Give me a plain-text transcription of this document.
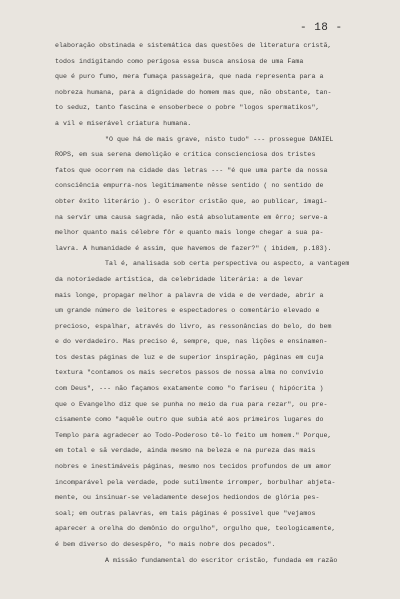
- 18 -
elaboração obstinada e sistemática das questões de literatura cristã,
todos indigitando como perigosa essa busca ansiosa de uma Fama
que é puro fumo, mera fumaça passageira, que nada representa para a
nobreza humana, para a dignidade do homem mas que, não obstante, tan-
to seduz, tanto fascina e ensoberbece o pobre "logos spermatikos",
a vil e miserável criatura humana.
"O que há de mais grave, nisto tudo" --- prossegue DANIEL
ROPS, em sua serena demolição e crítica conscienciosa dos tristes
fatos que ocorrem na cidade das letras --- "é que uma parte da nossa
consciência empurra-nos legitimamente nêsse sentido ( no sentido de
obter êxito literário ). O escritor cristão que, ao publicar, imagi-
na servir uma causa sagrada, não está absolutamente em êrro; serve-a
melhor quanto mais célebre fôr e quanto mais longe chegar a sua pa-
lavra. A humanidade é assim, que havemos de fazer?" ( ibidem, p.183).
Tal é, analisada sob certa perspectiva ou aspecto, a vantagem
da notoriedade artística, da celebridade literária: a de levar
mais longe, propagar melhor a palavra de vida e de verdade, abrir a
um grande número de leitores e espectadores o comentário elevado e
precioso, espalhar, através do livro, as ressonâncias do belo, do bem
e do verdadeiro. Mas preciso é, sempre, que, nas lições e ensinamen-
tos destas páginas de luz e de superior inspiração, páginas em cuja
textura "contamos os mais secretos passos de nossa alma no convívio
com Deus", --- não façamos exatamente como "o fariseu ( hipócrita )
que o Evangelho diz que se punha no meio da rua para rezar", ou pre-
cisamente como "aquêle outro que subia até aos primeiros lugares do
Templo para agradecer ao Todo-Poderoso tê-lo feito um homem." Porque,
em total e sã verdade, ainda mesmo na beleza e na pureza das mais
nobres e inestimáveis páginas, mesmo nos tecidos profundos de um amor
incomparável pela verdade, pode sutilmente irromper, borbulhar abjeta-
mente, ou insinuar-se veladamente desejos hediondos de glória pes-
soal; em outras palavras, em tais páginas é possível que "vejamos
aparecer a orelha do demônio do orgulho", orgulho que, teologicamente,
é bem diverso do desespêro, "o mais nobre dos pecados".
A missão fundamental do escritor cristão, fundada em razão
